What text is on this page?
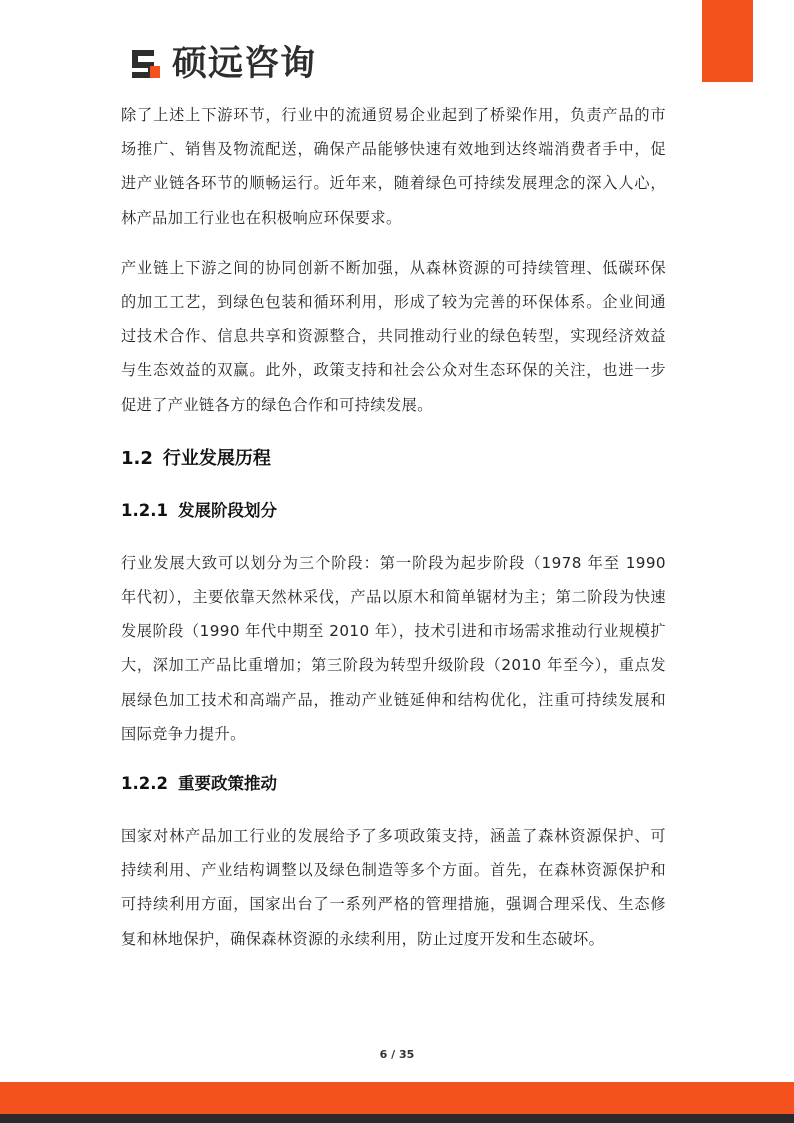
硕远咨询

除了上述上下游环节，行业中的流通贸易企业起到了桥梁作用，负责产品的市场推广、销售及物流配送，确保产品能够快速有效地到达终端消费者手中，促进产业链各环节的顺畅运行。近年来，随着绿色可持续发展理念的深入人心，林产品加工行业也在积极响应环保要求。

产业链上下游之间的协同创新不断加强，从森林资源的可持续管理、低碳环保的加工工艺，到绿色包装和循环利用，形成了较为完善的环保体系。企业间通过技术合作、信息共享和资源整合，共同推动行业的绿色转型，实现经济效益与生态效益的双赢。此外，政策支持和社会公众对生态环保的关注，也进一步促进了产业链各方的绿色合作和可持续发展。

1.2 行业发展历程
1.2.1 发展阶段划分

行业发展大致可以划分为三个阶段：第一阶段为起步阶段（1978 年至 1990 年代初），主要依靠天然林采伐，产品以原木和简单锯材为主；第二阶段为快速发展阶段（1990 年代中期至 2010 年），技术引进和市场需求推动行业规模扩大，深加工产品比重增加；第三阶段为转型升级阶段（2010 年至今），重点发展绿色加工技术和高端产品，推动产业链延伸和结构优化，注重可持续发展和国际竞争力提升。

1.2.2 重要政策推动

国家对林产品加工行业的发展给予了多项政策支持，涵盖了森林资源保护、可持续利用、产业结构调整以及绿色制造等多个方面。首先，在森林资源保护和可持续利用方面，国家出台了一系列严格的管理措施，强调合理采伐、生态修复和林地保护，确保森林资源的永续利用，防止过度开发和生态破坏。

6 / 35
